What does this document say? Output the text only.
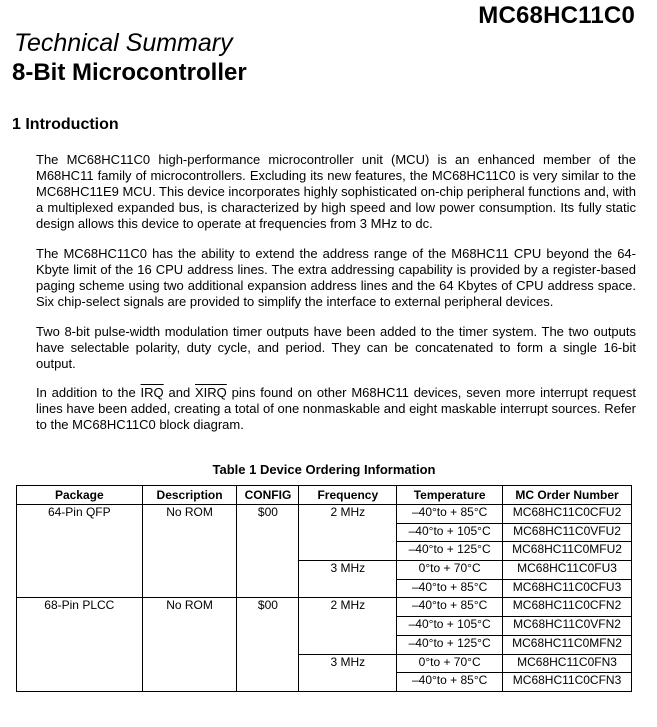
MC68HC11C0
Technical Summary
8-Bit Microcontroller
1 Introduction

The MC68HC11C0 high-performance microcontroller unit (MCU) is an enhanced member of the M68HC11 family of microcontrollers. Excluding its new features, the MC68HC11C0 is very similar to the MC68HC11E9 MCU. This device incorporates highly sophisticated on-chip peripheral functions and, with a multiplexed expanded bus, is characterized by high speed and low power consumption. Its fully static design allows this device to operate at frequencies from 3 MHz to dc.

The MC68HC11C0 has the ability to extend the address range of the M68HC11 CPU beyond the 64-Kbyte limit of the 16 CPU address lines. The extra addressing capability is provided by a register-based paging scheme using two additional expansion address lines and the 64 Kbytes of CPU address space. Six chip-select signals are provided to simplify the interface to external peripheral devices.

Two 8-bit pulse-width modulation timer outputs have been added to the timer system. The two outputs have selectable polarity, duty cycle, and period. They can be concatenated to form a single 16-bit output.

In addition to the $\overline{IRQ}$ and XIRQ pins found on other M68HC11 devices, seven more interrupt request lines have been added, creating a total of one nonmaskable and eight maskable interrupt sources. Refer to the MC68HC11C0 block diagram.

Table 1 Device Ordering Information
Package	Description	CONFIG	Frequency	Temperature	MC Order Number
64-Pin QFP	No ROM	$00	2 MHz	–40°to + 85°C	MC68HC11C0CFU2
				–40°to + 105°C	MC68HC11C0VFU2
				–40°to + 125°C	MC68HC11C0MFU2
			3 MHz	0°to + 70°C	MC68HC11C0FU3
				–40°to + 85°C	MC68HC11C0CFU3
68-Pin PLCC	No ROM	$00	2 MHz	–40°to + 85°C	MC68HC11C0CFN2
				–40°to + 105°C	MC68HC11C0VFN2
				–40°to + 125°C	MC68HC11C0MFN2
			3 MHz	0°to + 70°C	MC68HC11C0FN3
				–40°to + 85°C	MC68HC11C0CFN3
